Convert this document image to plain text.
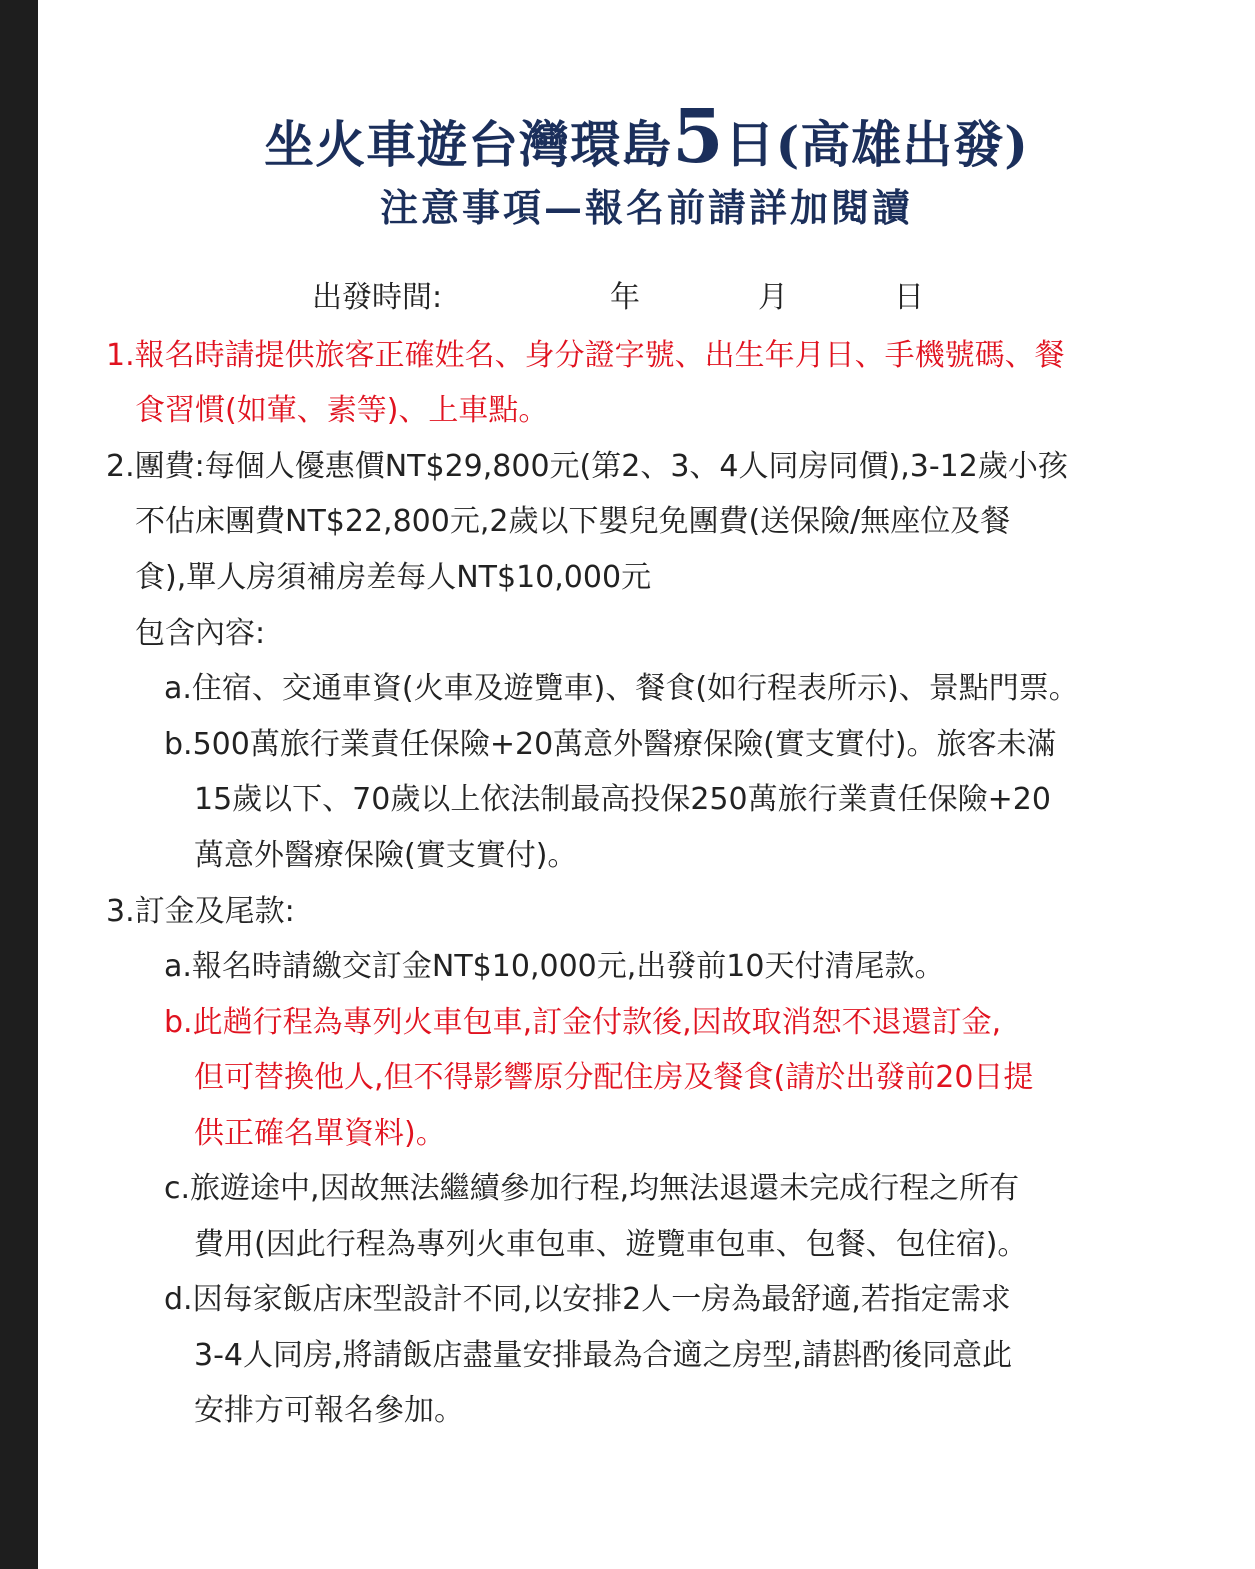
坐火車遊台灣環島5日(高雄出發)
注意事項—報名前請詳加閱讀
出發時間:	年	月	日
1.報名時請提供旅客正確姓名、身分證字號、出生年月日、手機號碼、餐
食習慣(如葷、素等)、上車點。
2.團費:每個人優惠價NT$29,800元(第2、3、4人同房同價),3-12歲小孩
不佔床團費NT$22,800元,2歲以下嬰兒免團費(送保險/無座位及餐
食),單人房須補房差每人NT$10,000元
包含內容:
a.住宿、交通車資(火車及遊覽車)、餐食(如行程表所示)、景點門票。
b.500萬旅行業責任保險+20萬意外醫療保險(實支實付)。旅客未滿
15歲以下、70歲以上依法制最高投保250萬旅行業責任保險+20
萬意外醫療保險(實支實付)。
3.訂金及尾款:
a.報名時請繳交訂金NT$10,000元,出發前10天付清尾款。
b.此趟行程為專列火車包車,訂金付款後,因故取消恕不退還訂金,
但可替換他人,但不得影響原分配住房及餐食(請於出發前20日提
供正確名單資料)。
c.旅遊途中,因故無法繼續參加行程,均無法退還未完成行程之所有
費用(因此行程為專列火車包車、遊覽車包車、包餐、包住宿)。
d.因每家飯店床型設計不同,以安排2人一房為最舒適,若指定需求
3-4人同房,將請飯店盡量安排最為合適之房型,請斟酌後同意此
安排方可報名參加。
